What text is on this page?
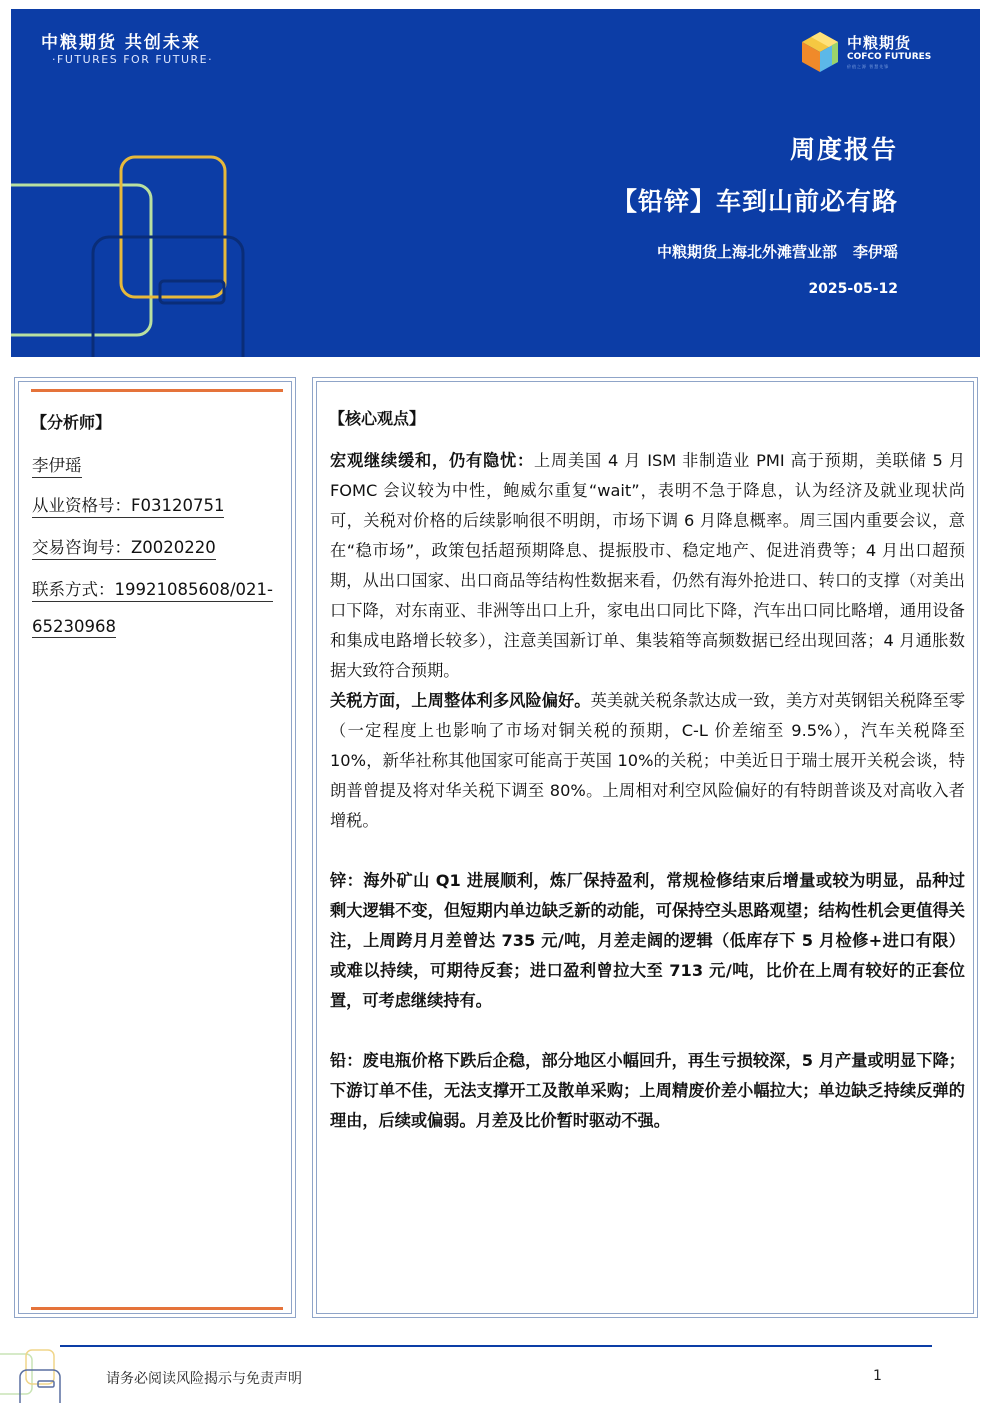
中粮期货 共创未来
·FUTURES FOR FUTURE·
中粮期货
COFCO FUTURES
价值之源 智慧先锋
周度报告
【铅锌】车到山前必有路
中粮期货上海北外滩营业部 李伊瑶
2025-05-12
【分析师】
李伊瑶
从业资格号：F03120751
交易咨询号：Z0020220
联系方式：19921085608/021-
65230968
【核心观点】

宏观继续缓和，仍有隐忧：上周美国 4 月 ISM 非制造业 PMI 高于预期，美联储 5 月 FOMC 会议较为中性，鲍威尔重复“wait”，表明不急于降息，认为经济及就业现状尚可，关税对价格的后续影响很不明朗，市场下调 6 月降息概率。周三国内重要会议，意在“稳市场”，政策包括超预期降息、提振股市、稳定地产、促进消费等；4 月出口超预期，从出口国家、出口商品等结构性数据来看，仍然有海外抢进口、转口的支撑（对美出口下降，对东南亚、非洲等出口上升，家电出口同比下降，汽车出口同比略增，通用设备和集成电路增长较多），注意美国新订单、集装箱等高频数据已经出现回落；4 月通胀数据大致符合预期。

关税方面，上周整体利多风险偏好。英美就关税条款达成一致，美方对英钢铝关税降至零（一定程度上也影响了市场对铜关税的预期，C-L 价差缩至 9.5%），汽车关税降至 10%，新华社称其他国家可能高于英国 10%的关税；中美近日于瑞士展开关税会谈，特朗普曾提及将对华关税下调至 80%。上周相对利空风险偏好的有特朗普谈及对高收入者增税。

锌：海外矿山 Q1 进展顺利，炼厂保持盈利，常规检修结束后增量或较为明显，品种过剩大逻辑不变，但短期内单边缺乏新的动能，可保持空头思路观望；结构性机会更值得关注，上周跨月月差曾达 735 元/吨，月差走阔的逻辑（低库存下 5 月检修+进口有限）或难以持续，可期待反套；进口盈利曾拉大至 713 元/吨，比价在上周有较好的正套位置，可考虑继续持有。

铅：废电瓶价格下跌后企稳，部分地区小幅回升，再生亏损较深，5 月产量或明显下降；下游订单不佳，无法支撑开工及散单采购；上周精废价差小幅拉大；单边缺乏持续反弹的理由，后续或偏弱。月差及比价暂时驱动不强。

请务必阅读风险揭示与免责声明	1
